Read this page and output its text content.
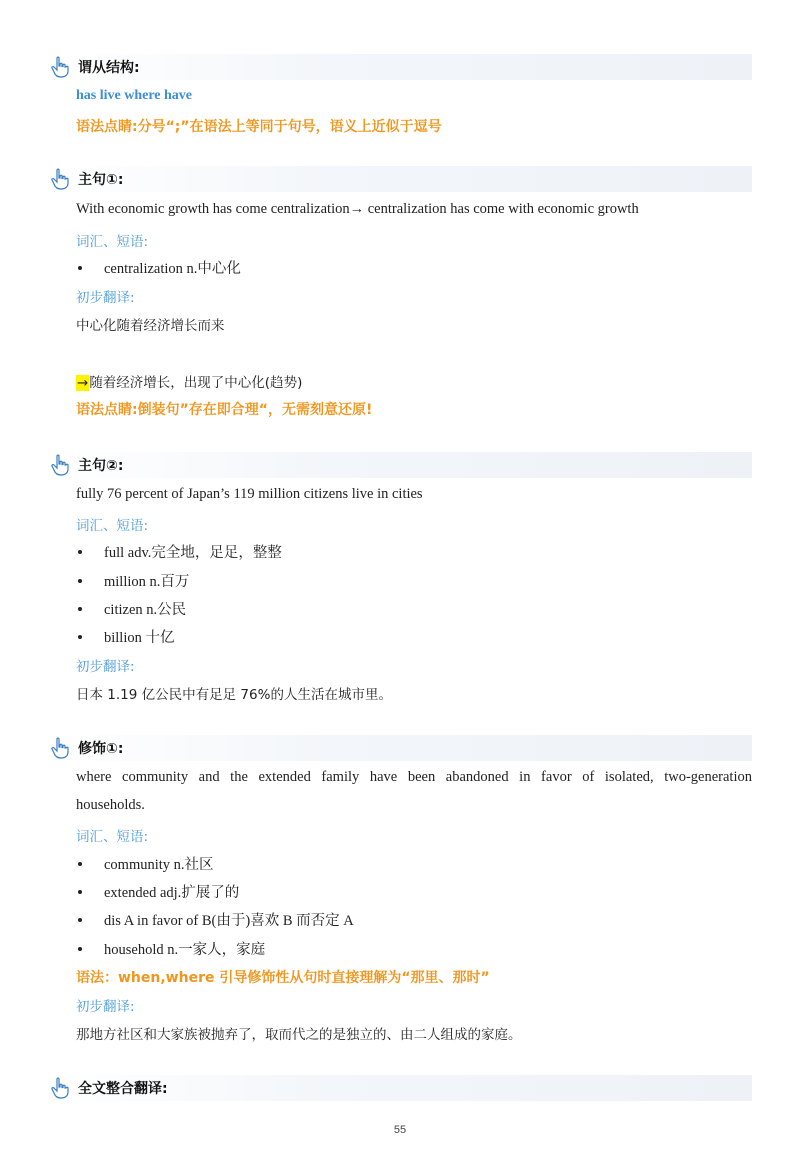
谓从结构:
has live where have
语法点睛:分号“;”在语法上等同于句号，语义上近似于逗号
主句①:
With economic growth has come centralization→ centralization has come with economic growth
词汇、短语:
centralization n.中心化
初步翻译:
中心化随着经济增长而来
→随着经济增长，出现了中心化(趋势)
语法点睛:倒装句”存在即合理“，无需刻意还原!
主句②:
fully 76 percent of Japan’s 119 million citizens live in cities
词汇、短语:
full adv.完全地，足足，整整
million n.百万
citizen n.公民
billion 十亿
初步翻译:
日本 1.19 亿公民中有足足 76%的人生活在城市里。
修饰①:
where community and the extended family have been abandoned in favor of isolated, two-generation
households.
词汇、短语:
community n.社区
extended adj.扩展了的
dis A in favor of B(由于)喜欢 B 而否定 A
household n.一家人，家庭
语法：when,where 引导修饰性从句时直接理解为“那里、那时”
初步翻译:
那地方社区和大家族被抛弃了，取而代之的是独立的、由二人组成的家庭。
全文整合翻译:
55
